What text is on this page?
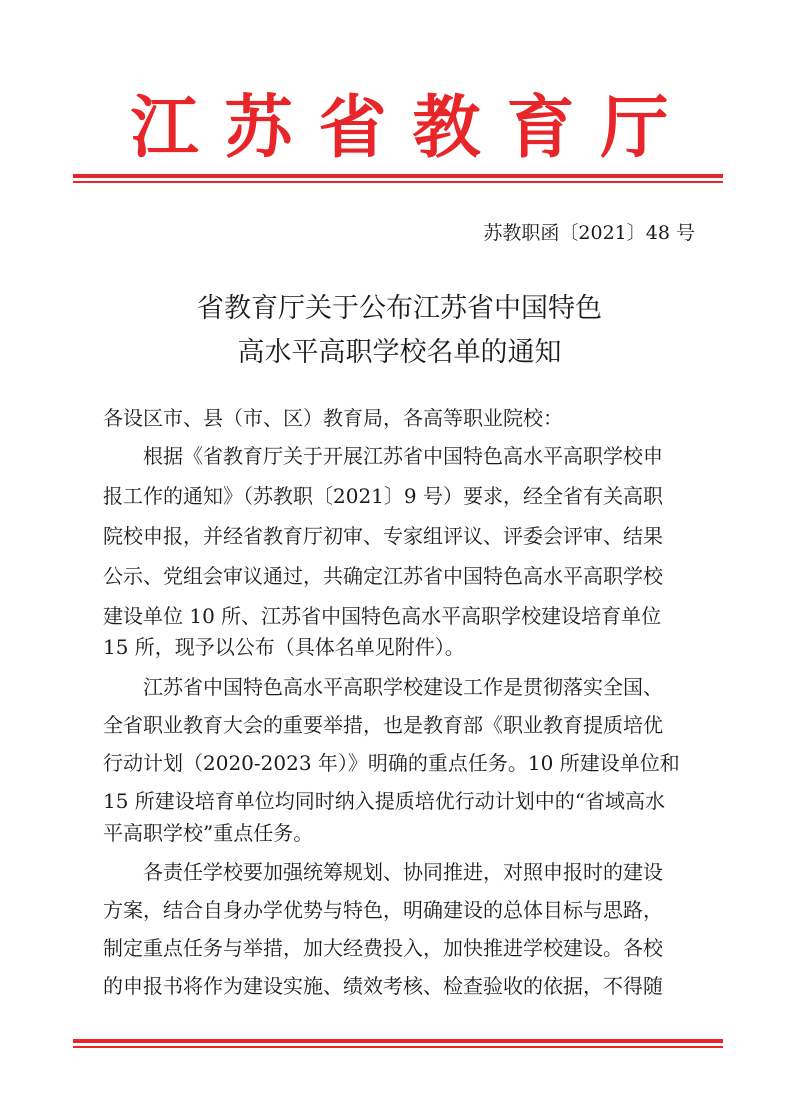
江苏省教育厅
苏教职函〔2021〕48 号
省教育厅关于公布江苏省中国特色
高水平高职学校名单的通知
各设区市、县（市、区）教育局，各高等职业院校：
根据《省教育厅关于开展江苏省中国特色高水平高职学校申
报工作的通知》（苏教职〔2021〕9 号）要求，经全省有关高职
院校申报，并经省教育厅初审、专家组评议、评委会评审、结果
公示、党组会审议通过，共确定江苏省中国特色高水平高职学校
建设单位 10 所、江苏省中国特色高水平高职学校建设培育单位
15 所，现予以公布（具体名单见附件）。
江苏省中国特色高水平高职学校建设工作是贯彻落实全国、
全省职业教育大会的重要举措，也是教育部《职业教育提质培优
行动计划（2020-2023 年）》明确的重点任务。10 所建设单位和
15 所建设培育单位均同时纳入提质培优行动计划中的“省域高水
平高职学校”重点任务。
各责任学校要加强统筹规划、协同推进，对照申报时的建设
方案，结合自身办学优势与特色，明确建设的总体目标与思路，
制定重点任务与举措，加大经费投入，加快推进学校建设。各校
的申报书将作为建设实施、绩效考核、检查验收的依据，不得随
